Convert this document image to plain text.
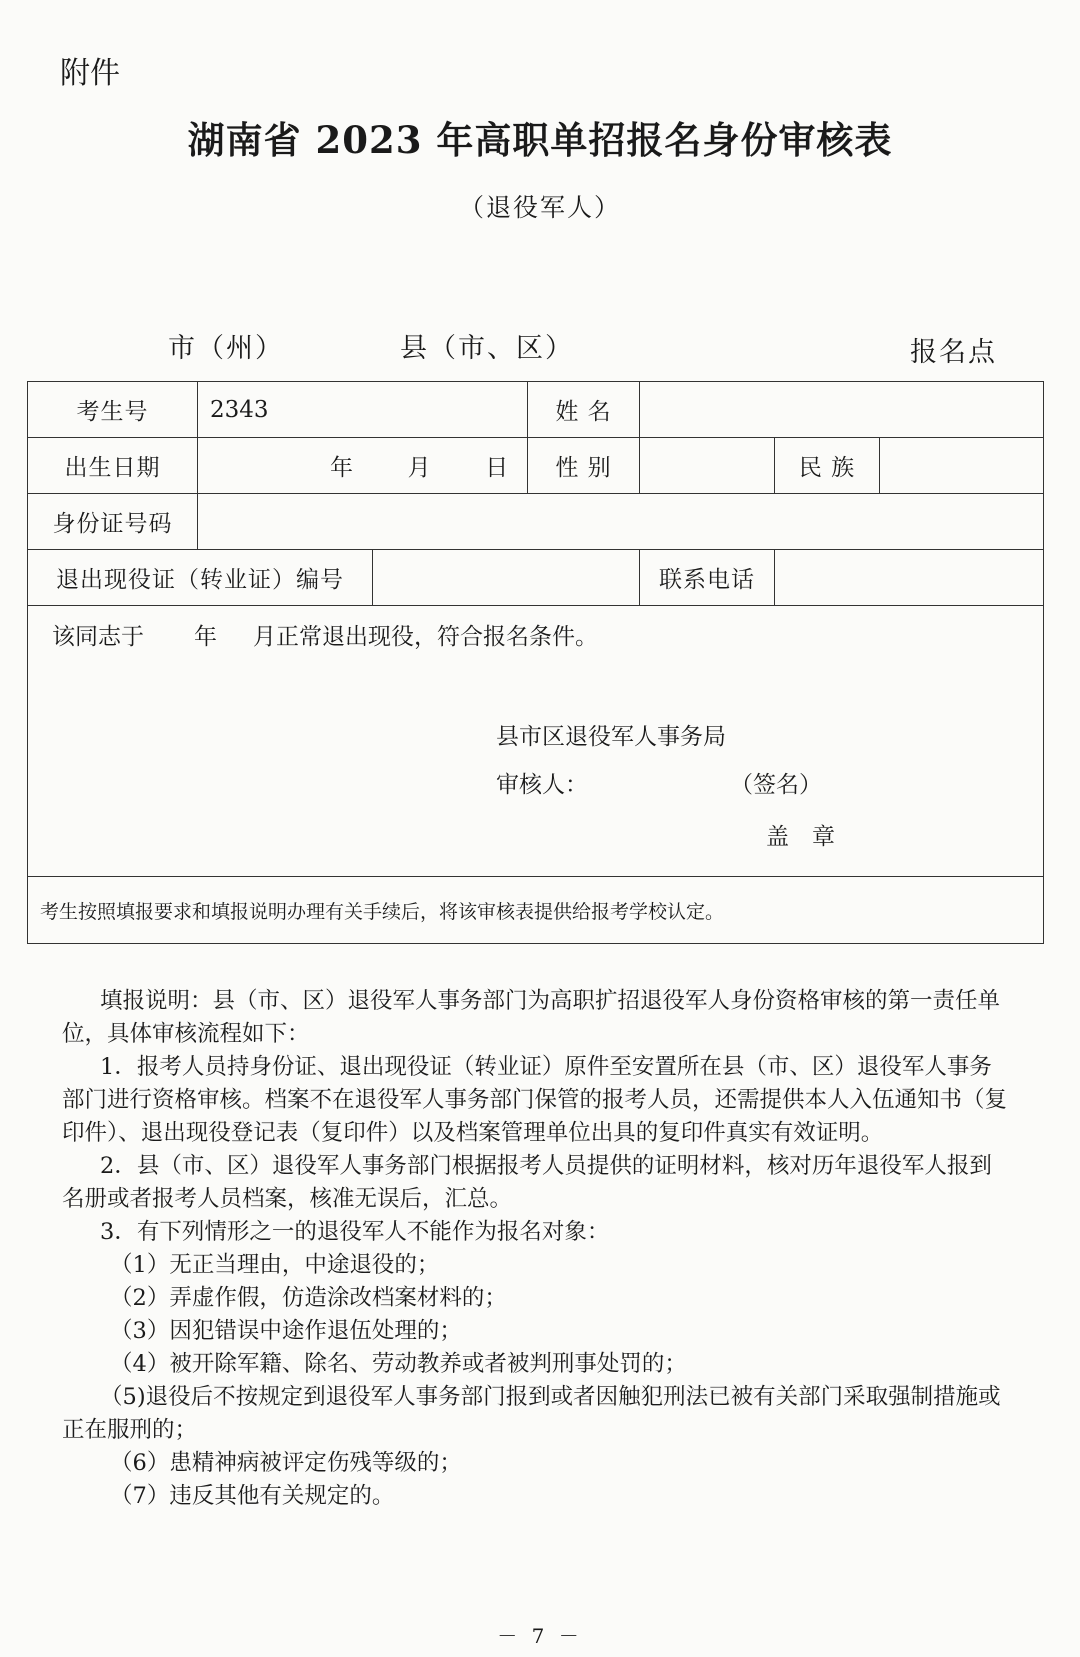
附件
湖南省 2023 年高职单招报名身份审核表
（退役军人）
市（州）	县（市、区）	报名点
考生号	2343		姓 名			
出生日期	年 月 日		性 别		民 族	
身份证号码						
退出现役证（转业证）编号				联系电话		

该同志于 年 月正常退出现役，符合报名条件。
县市区退役军人事务局
审核人： （签名）
盖　章						

考生按照填报要求和填报说明办理有关手续后，将该审核表提供给报考学校认定。						

填报说明：县（市、区）退役军人事务部门为高职扩招退役军人身份资格审核的第一责任单位，具体审核流程如下：

1．报考人员持身份证、退出现役证（转业证）原件至安置所在县（市、区）退役军人事务部门进行资格审核。档案不在退役军人事务部门保管的报考人员，还需提供本人入伍通知书（复印件）、退出现役登记表（复印件）以及档案管理单位出具的复印件真实有效证明。

2．县（市、区）退役军人事务部门根据报考人员提供的证明材料，核对历年退役军人报到名册或者报考人员档案，核准无误后，汇总。

3．有下列情形之一的退役军人不能作为报名对象：

（1）无正当理由，中途退役的；

（2）弄虚作假，仿造涂改档案材料的；

（3）因犯错误中途作退伍处理的；

（4）被开除军籍、除名、劳动教养或者被判刑事处罚的；

（5)退役后不按规定到退役军人事务部门报到或者因触犯刑法已被有关部门采取强制措施或正在服刑的；

（6）患精神病被评定伤残等级的；

（7）违反其他有关规定的。

－ 7 －
